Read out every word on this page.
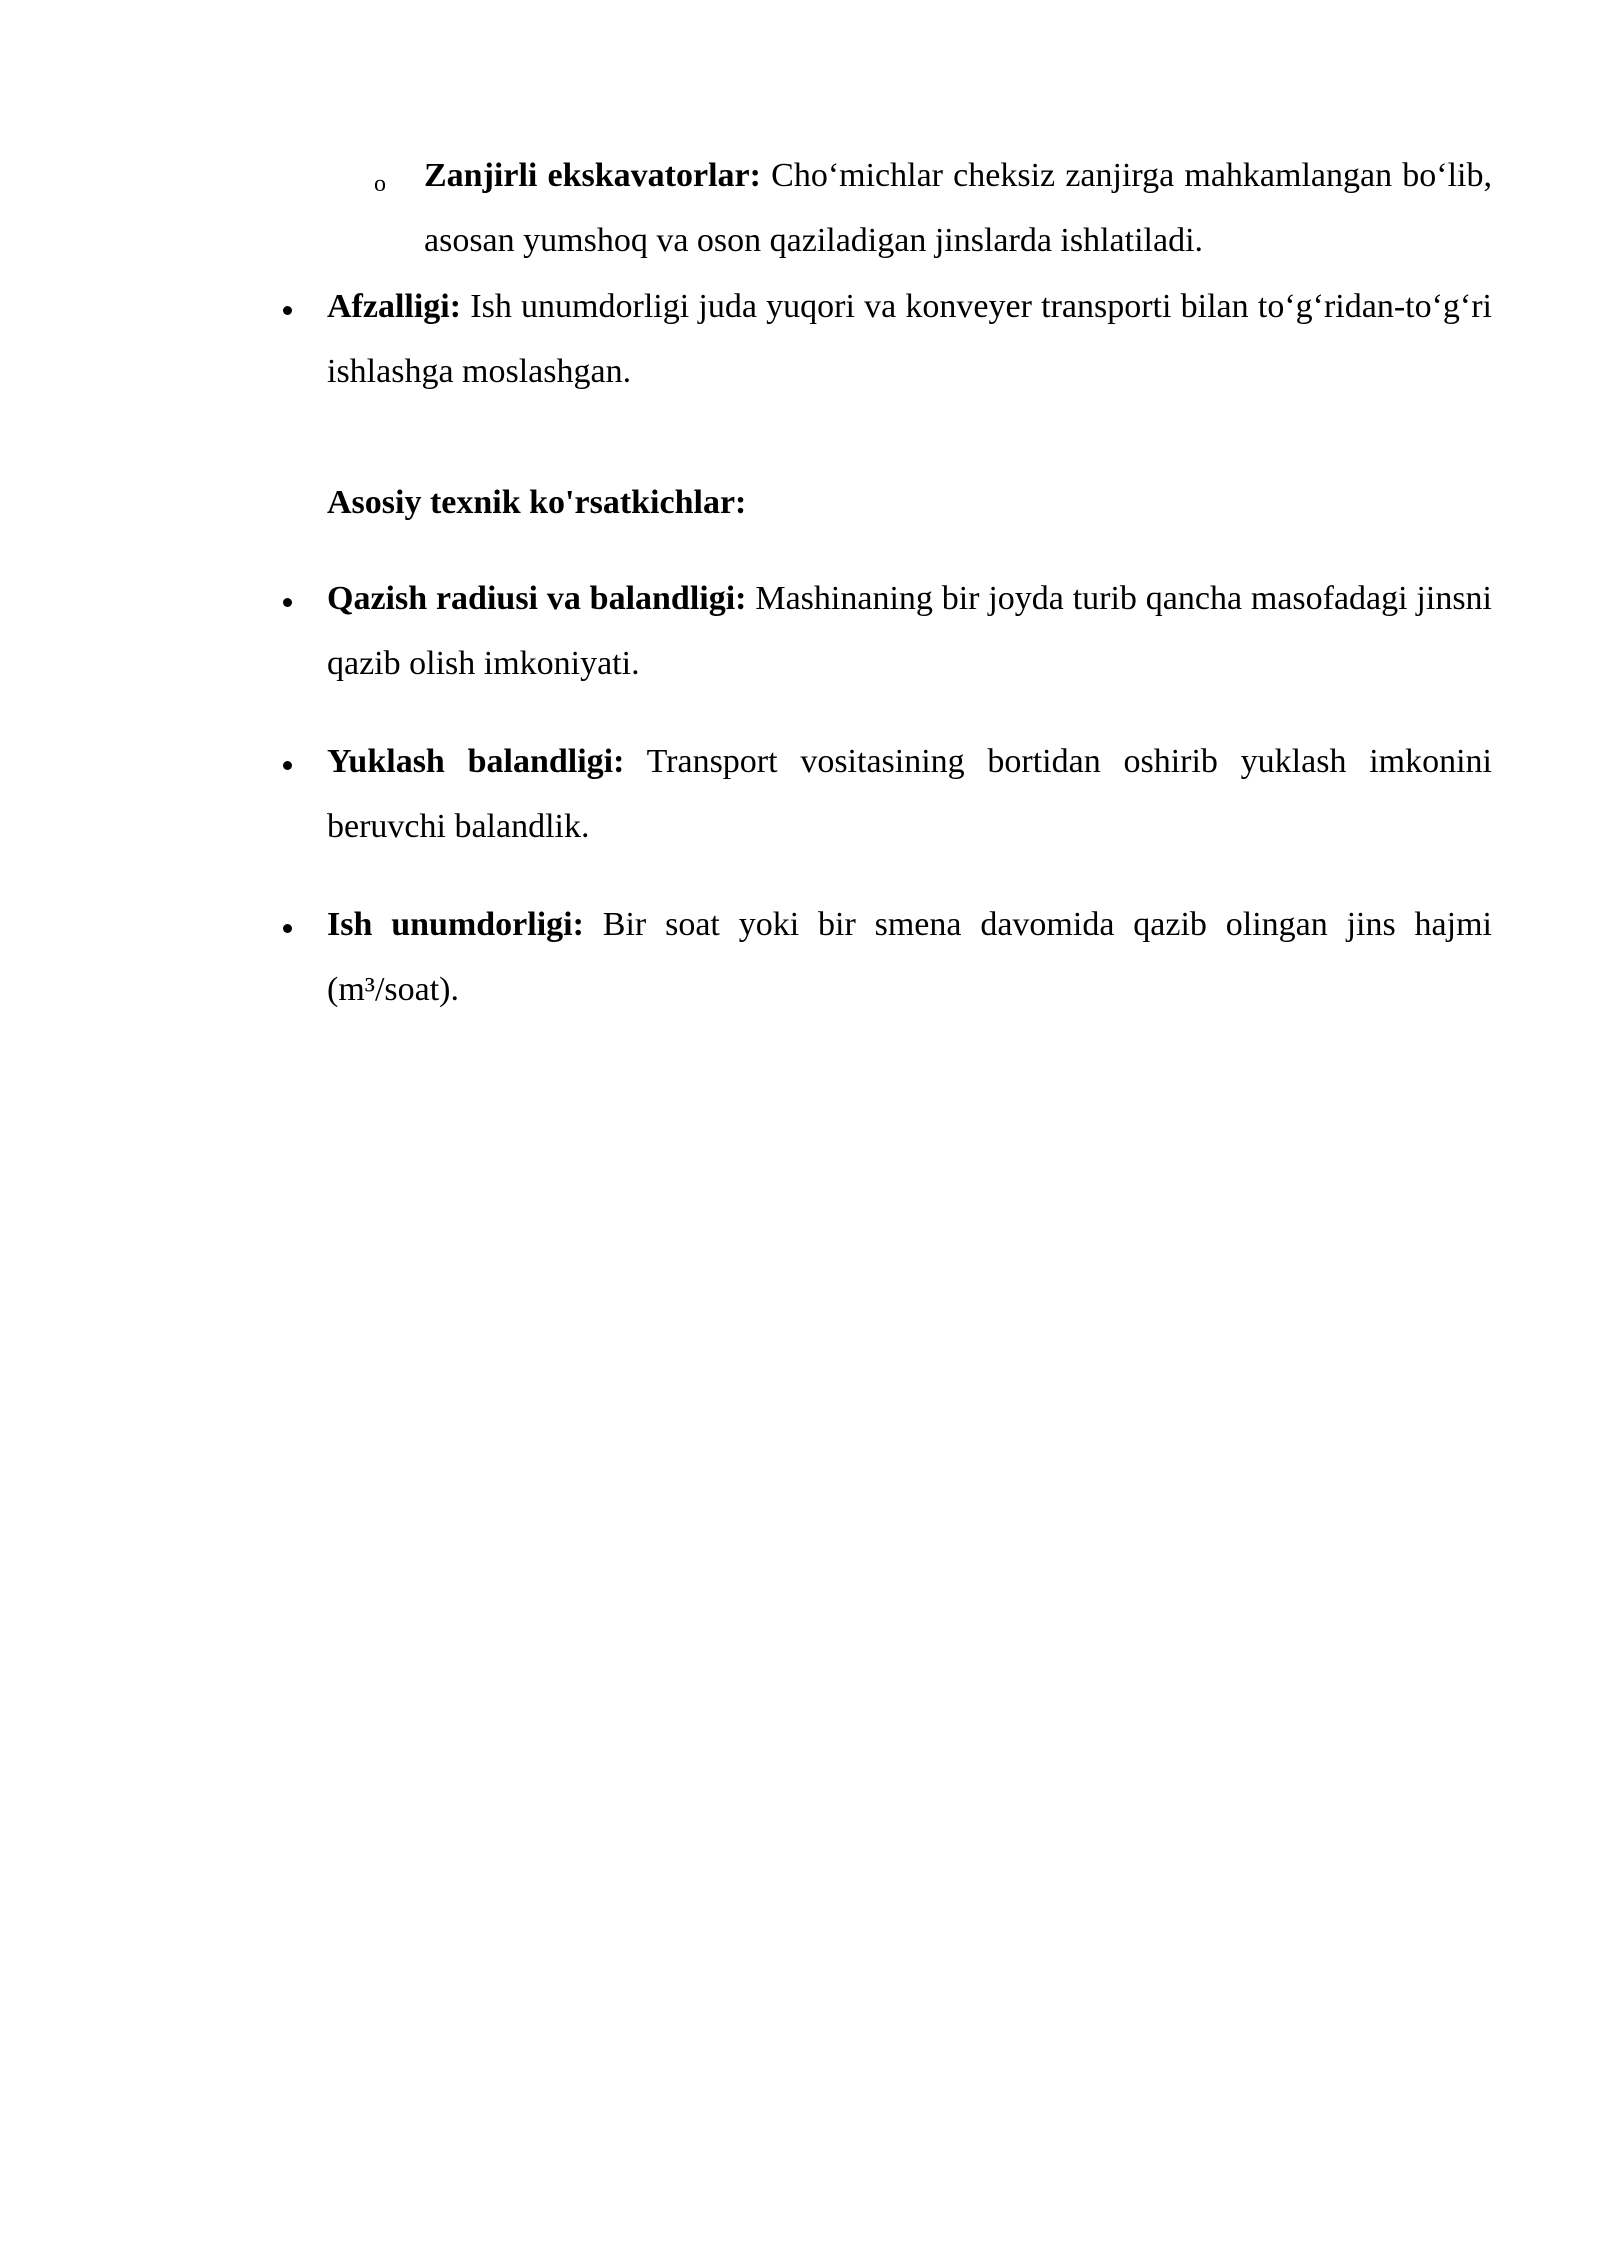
o Zanjirli ekskavatorlar: Cho‘michlar cheksiz zanjirga mahkamlangan bo‘lib, asosan yumshoq va oson qaziladigan jinslarda ishlatiladi.
Afzalligi: Ish unumdorligi juda yuqori va konveyer transporti bilan to‘g‘ridan-to‘g‘ri ishlashga moslashgan.
Asosiy texnik ko'rsatkichlar:
Qazish radiusi va balandligi: Mashinaning bir joyda turib qancha masofadagi jinsni qazib olish imkoniyati.
Yuklash balandligi: Transport vositasining bortidan oshirib yuklash imkonini beruvchi balandlik.
Ish unumdorligi: Bir soat yoki bir smena davomida qazib olingan jins hajmi (m³/soat).
